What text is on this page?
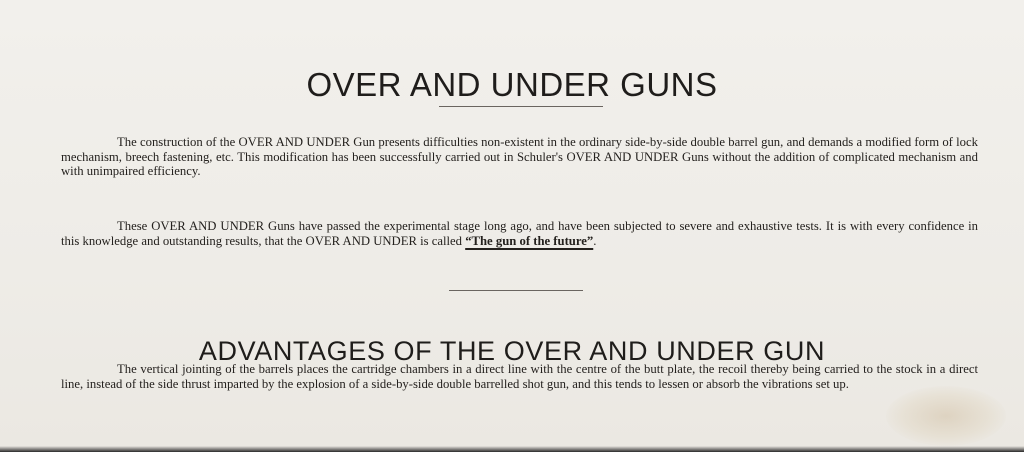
OVER AND UNDER GUNS

The construction of the OVER AND UNDER Gun presents difficulties non-existent in the ordinary side-by-side double barrel gun, and demands a modified form of lock mechanism, breech fastening, etc. This modification has been successfully carried out in Schuler's OVER AND UNDER Guns without the addition of complicated mechanism and with unimpaired efficiency.

These OVER AND UNDER Guns have passed the experimental stage long ago, and have been subjected to severe and exhaustive tests. It is with every confidence in this knowledge and outstanding results, that the OVER AND UNDER is called “The gun of the future”.

ADVANTAGES OF THE OVER AND UNDER GUN

The vertical jointing of the barrels places the cartridge chambers in a direct line with the centre of the butt plate, the recoil thereby being carried to the stock in a direct line, instead of the side thrust imparted by the explosion of a side-by-side double barrelled shot gun, and this tends to lessen or absorb the vibrations set up.
